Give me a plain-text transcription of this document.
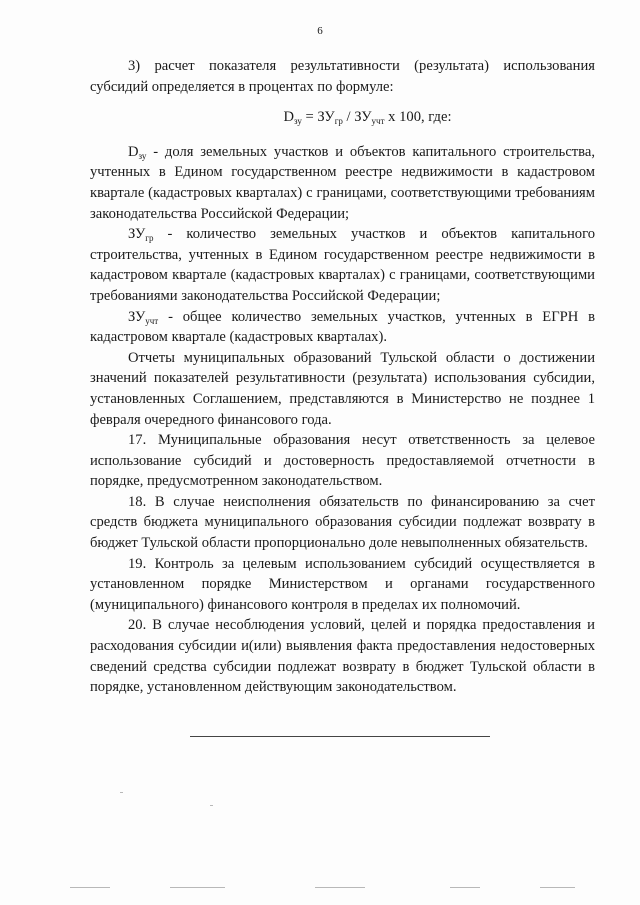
6

3) расчет показателя результативности (результата) использования субсидий определяется в процентах по формуле:

$D_{зу} = ЗУ_{гр} / ЗУ_{учт}$ x 100, где:

$D_{зу}$ - доля земельных участков и объектов капитального строительства, учтенных в Едином государственном реестре недвижимости в кадастровом квартале (кадастровых кварталах) с границами, соответствующими требованиям законодательства Российской Федерации;

$ЗУ_{гр}$ - количество земельных участков и объектов капитального строительства, учтенных в Едином государственном реестре недвижимости в кадастровом квартале (кадастровых кварталах) с границами, соответствующими требованиями законодательства Российской Федерации;

$ЗУ_{учт}$ - общее количество земельных участков, учтенных в ЕГРН в кадастровом квартале (кадастровых кварталах).

Отчеты муниципальных образований Тульской области о достижении значений показателей результативности (результата) использования субсидии, установленных Соглашением, представляются в Министерство не позднее 1 февраля очередного финансового года.

17. Муниципальные образования несут ответственность за целевое использование субсидий и достоверность предоставляемой отчетности в порядке, предусмотренном законодательством.

18. В случае неисполнения обязательств по финансированию за счет средств бюджета муниципального образования субсидии подлежат возврату в бюджет Тульской области пропорционально доле невыполненных обязательств.

19. Контроль за целевым использованием субсидий осуществляется в установленном порядке Министерством и органами государственного (муниципального) финансового контроля в пределах их полномочий.

20. В случае несоблюдения условий, целей и порядка предоставления и расходования субсидии и(или) выявления факта предоставления недостоверных сведений средства субсидии подлежат возврату в бюджет Тульской области в порядке, установленном действующим законодательством.
